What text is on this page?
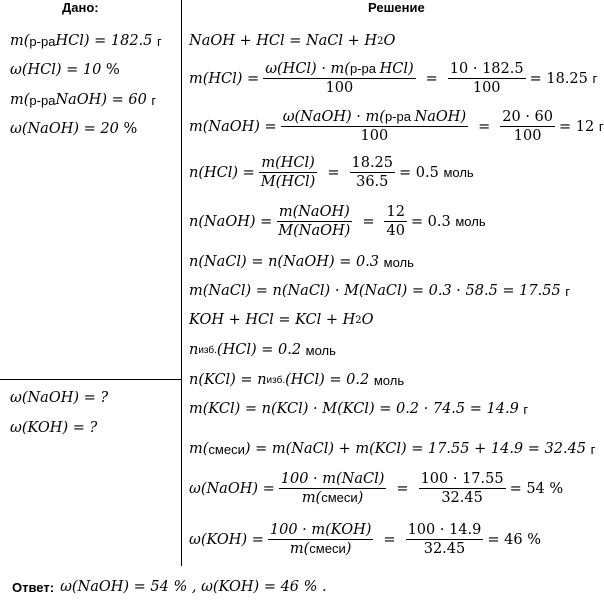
Дано:	Решение
m( р-ра HCl ) = 182.5
г
ω(HCl) = 10
%
m( р-ра NaOH ) = 60
г
ω(NaOH) = 20
%
ω(NaOH) = ?
ω(KOH) = ?
NaOH + HCl = NaCl + H 2 O
$m(HCl) = \frac{\text{ω(HCl) · m(р-ра HCl)}}{100} = \frac{10 \cdot 182.5}{100} = 18.25$
г
m(NaOH) = $\frac{\text{ω(NaOH) · m(р-ра NaOH)}}{100} = \frac{20 \cdot 60}{100} = 12$
г
$n(HCl) = \frac{\text{m(HCl)}}{\text{M(HCl)}} = \frac{18.25}{36.5} = 0.5$
моль
n(NaOH) = $\frac{\text{m(NaOH)}}{\text{M(NaOH)}} = \frac{12}{40} = 0.3$
моль
n(NaCl) = n(NaOH) = 0.3
моль
m(NaCl) = n(NaCl) · M(NaCl) = 0.3 · 58.5 = 17.55
г
KOH + HCl = KCl + H 2 O
n изб. (HCl) = 0.2
моль
n(KCl) = n изб. (HCl) = 0.2
моль
m(KCl) = n(KCl) · M(KCl) = 0.2 · 74.5 = 14.9
г
m( смеси ) = m(NaCl) + m(KCl) = 17.55 + 14.9 = 32.45
г
ω(NaOH) = $\frac{\text{100 · m(NaCl)}}{\text{m(смеси)}} = \frac{100 \cdot 17.55}{32.45} = 54$ %
$\omega(KOH) = \frac{\text{100 · m(KOH)}}{\text{m(смеси)}} = \frac{100 \cdot 14.9}{32.45} = 46$ %
Ответ: ω(NaOH) = 54 % , ω(KOH) = 46 % .
